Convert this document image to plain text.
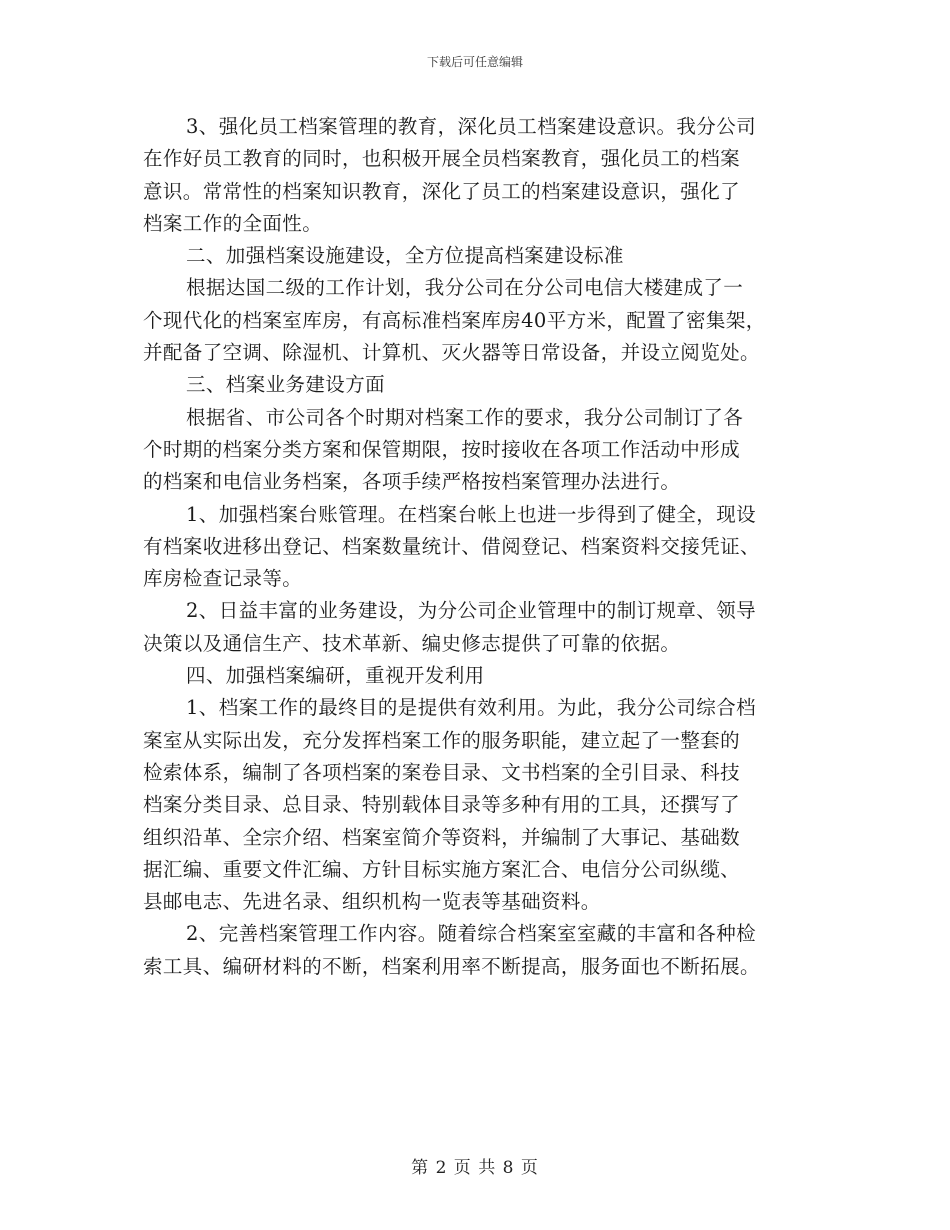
下载后可任意编辑
3、强化员工档案管理的教育，深化员工档案建设意识。我分公司
在作好员工教育的同时，也积极开展全员档案教育，强化员工的档案
意识。常常性的档案知识教育，深化了员工的档案建设意识，强化了
档案工作的全面性。
二、加强档案设施建设，全方位提高档案建设标准
根据达国二级的工作计划，我分公司在分公司电信大楼建成了一
个现代化的档案室库房，有高标准档案库房40平方米，配置了密集架，
并配备了空调、除湿机、计算机、灭火器等日常设备，并设立阅览处。
三、档案业务建设方面
根据省、市公司各个时期对档案工作的要求，我分公司制订了各
个时期的档案分类方案和保管期限，按时接收在各项工作活动中形成
的档案和电信业务档案，各项手续严格按档案管理办法进行。
1、加强档案台账管理。在档案台帐上也进一步得到了健全，现设
有档案收进移出登记、档案数量统计、借阅登记、档案资料交接凭证、
库房检查记录等。
2、日益丰富的业务建设，为分公司企业管理中的制订规章、领导
决策以及通信生产、技术革新、编史修志提供了可靠的依据。
四、加强档案编研，重视开发利用
1、档案工作的最终目的是提供有效利用。为此，我分公司综合档
案室从实际出发，充分发挥档案工作的服务职能，建立起了一整套的
检索体系，编制了各项档案的案卷目录、文书档案的全引目录、科技
档案分类目录、总目录、特别载体目录等多种有用的工具，还撰写了
组织沿革、全宗介绍、档案室简介等资料，并编制了大事记、基础数
据汇编、重要文件汇编、方针目标实施方案汇合、电信分公司纵缆、
县邮电志、先进名录、组织机构一览表等基础资料。
2、完善档案管理工作内容。随着综合档案室室藏的丰富和各种检
索工具、编研材料的不断，档案利用率不断提高，服务面也不断拓展。
第 2 页 共 8 页
